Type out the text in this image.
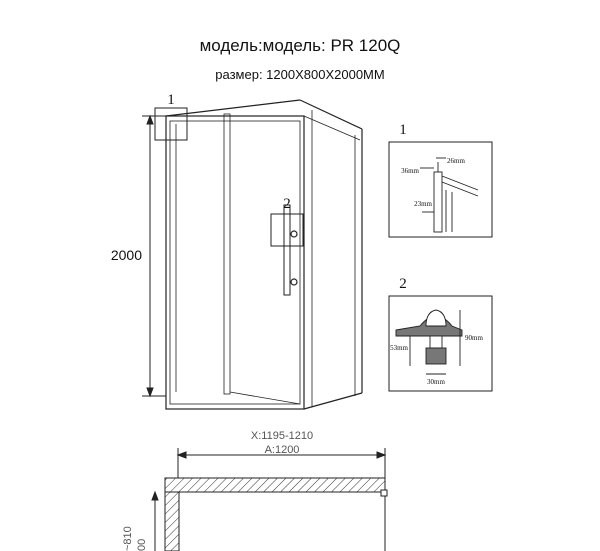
модель:модель: PR 120Q
размер: 1200X800X2000MM
1
2
2000
1
36mm
26mm
23mm
2
53mm
90mm
30mm
X:1195-1210
A:1200
~810 00
